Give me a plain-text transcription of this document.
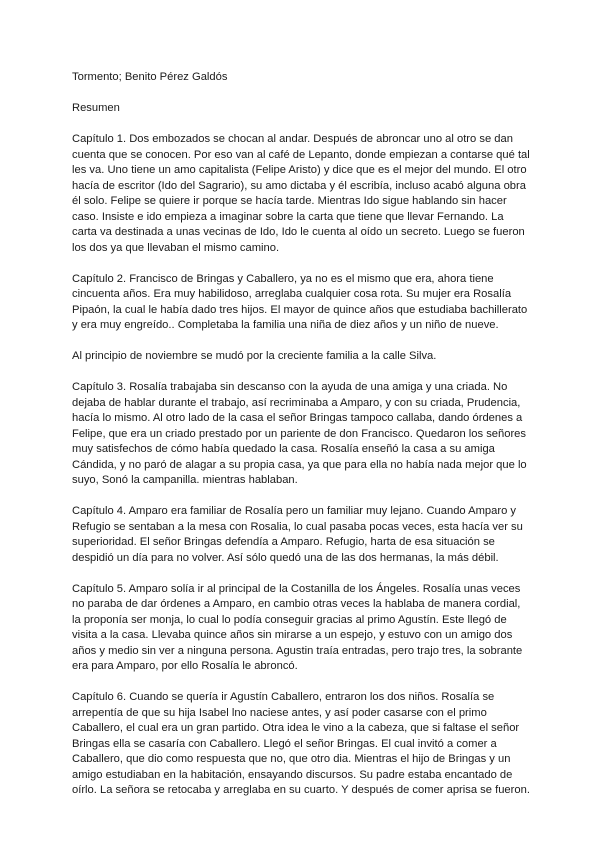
Tormento; Benito Pérez Galdós

Resumen

Capítulo 1. Dos embozados se chocan al andar. Después de abroncar uno al otro se dan cuenta que se conocen. Por eso van al café de Lepanto, donde empiezan a contarse qué tal les va. Uno tiene un amo capitalista (Felipe Aristo) y dice que es el mejor del mundo. El otro hacía de escritor (Ido del Sagrario), su amo dictaba y él escribía, incluso acabó alguna obra él solo. Felipe se quiere ir porque se hacía tarde. Mientras Ido sigue hablando sin hacer caso. Insiste e ido empieza a imaginar sobre la carta que tiene que llevar Fernando. La carta va destinada a unas vecinas de Ido, Ido le cuenta al oído un secreto. Luego se fueron los dos ya que llevaban el mismo camino.

Capítulo 2. Francisco de Bringas y Caballero, ya no es el mismo que era, ahora tiene cincuenta años. Era muy habilidoso, arreglaba cualquier cosa rota. Su mujer era Rosalía Pipaón, la cual le había dado tres hijos. El mayor de quince años que estudiaba bachillerato y era muy engreído.. Completaba la familia una niña de diez años y un niño de nueve.

Al principio de noviembre se mudó por la creciente familia a la calle Silva.

Capítulo 3. Rosalía trabajaba sin descanso con la ayuda de una amiga y una criada. No dejaba de hablar durante el trabajo, así recriminaba a Amparo, y con su criada, Prudencia, hacía lo mismo. Al otro lado de la casa el señor Bringas tampoco callaba, dando órdenes a Felipe, que era un criado prestado por un pariente de don Francisco. Quedaron los señores muy satisfechos de cómo había quedado la casa. Rosalía enseñó la casa a su amiga Cándida, y no paró de alagar a su propia casa, ya que para ella no había nada mejor que lo suyo, Sonó la campanilla. mientras hablaban.

Capítulo 4. Amparo era familiar de Rosalía pero un familiar muy lejano. Cuando Amparo y Refugio se sentaban a la mesa con Rosalia, lo cual pasaba pocas veces, esta hacía ver su superioridad. El señor Bringas defendía a Amparo. Refugio, harta de esa situación se despidió un día para no volver. Así sólo quedó una de las dos hermanas, la más débil.

Capítulo 5. Amparo solía ir al principal de la Costanilla de los Ángeles. Rosalía unas veces no paraba de dar órdenes a Amparo, en cambio otras veces la hablaba de manera cordial, la proponía ser monja, lo cual lo podía conseguir gracias al primo Agustín. Este llegó de visita a la casa. Llevaba quince años sin mirarse a un espejo, y estuvo con un amigo dos años y medio sin ver a ninguna persona. Agustin traía entradas, pero trajo tres, la sobrante era para Amparo, por ello Rosalía le abroncó.

Capítulo 6. Cuando se quería ir Agustín Caballero, entraron los dos niños. Rosalía se arrepentía de que su hija Isabel lno naciese antes, y así poder casarse con el primo Caballero, el cual era un gran partido. Otra idea le vino a la cabeza, que si faltase el señor Bringas ella se casaría con Caballero. Llegó el señor Bringas. El cual invitó a comer a Caballero, que dio como respuesta que no, que otro dia. Mientras el hijo de Bringas y un amigo estudiaban en la habitación, ensayando discursos. Su padre estaba encantado de oírlo. La señora se retocaba y arreglaba en su cuarto. Y después de comer aprisa se fueron.
